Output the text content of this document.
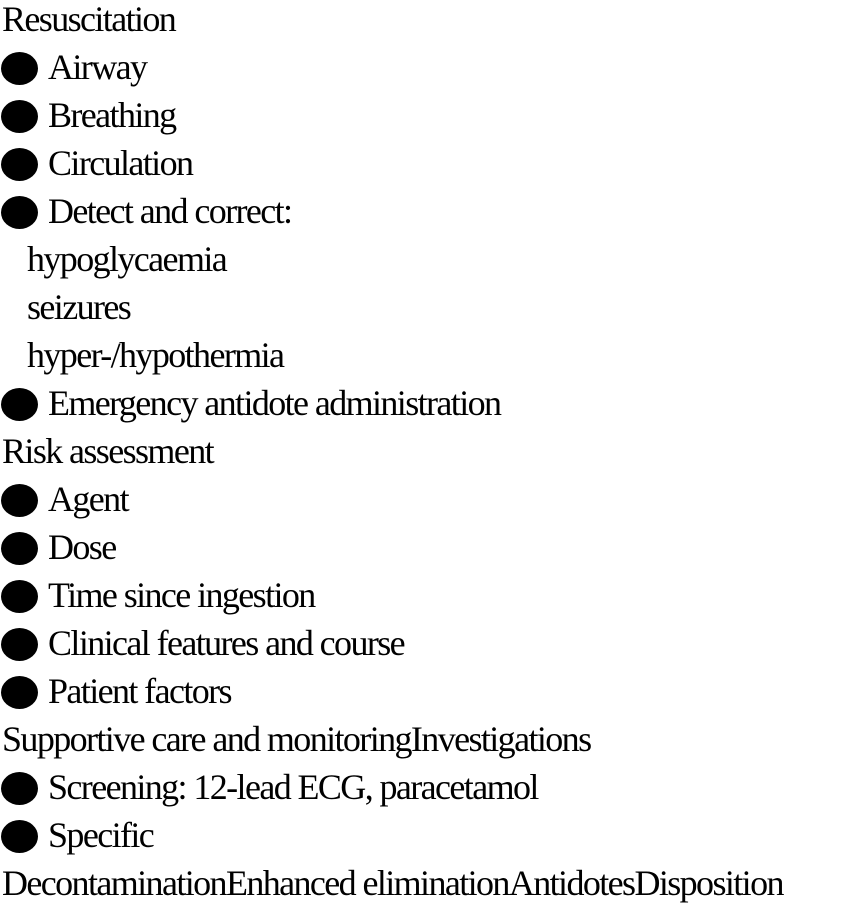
Resuscitation
Airway
Breathing
Circulation
Detect and correct:
hypoglycaemia
seizures
hyper-/hypothermia
Emergency antidote administration
Risk assessment
Agent
Dose
Time since ingestion
Clinical features and course
Patient factors
Supportive care and monitoringInvestigations
Screening: 12-lead ECG, paracetamol
Specific
DecontaminationEnhanced eliminationAntidotesDisposition
